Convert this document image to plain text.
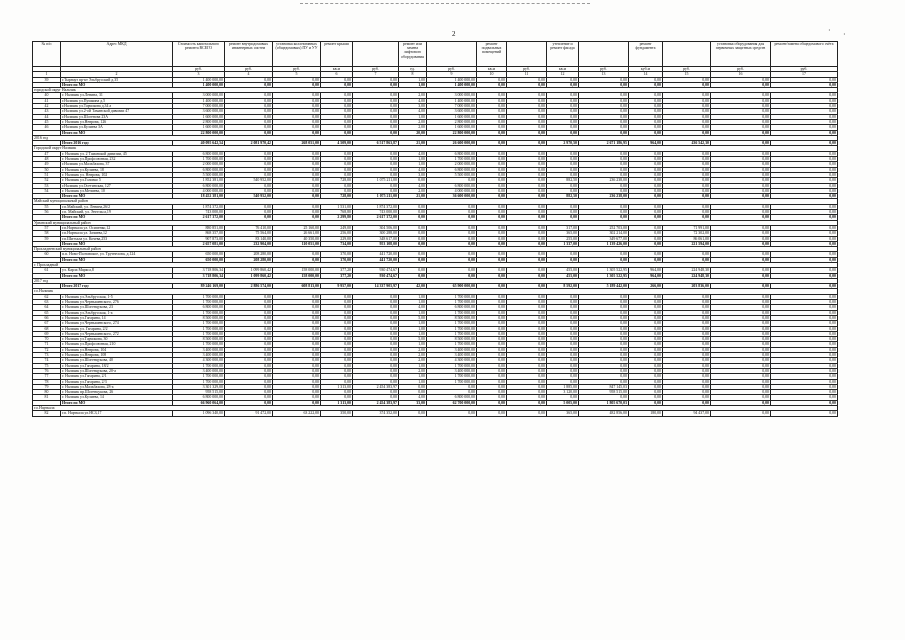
2	· ·
№ п/п	Адрес МКД	Стоимость капитального ремонта ВСЕГО	ремонт внутридомовых инженерных систем	установка коллективных (общедомовых) ПУ и УУ	ремонт крыши		ремонт или замена лифтового оборудования		ремонт подвальных помещений		утепление и ремонт фасада		ремонт фундамента		установка оборудования для первичных защитных средств	ремонт/замена общедомового счёта
		руб.	руб.	руб.	кв.м	руб.	ед.	руб.	кв.м	руб.	кв.м	руб.	куб.м	руб.	руб.	руб.
1	2	3	4	5	6	7	8	9	10	11	12	13	14	15	16	17
39	г.Тырнауз пр-кт Эльбрусский д.35	1 400 000,00	0,00	0,00	0,00	0,00	1,00	1 400 000,00	0,00	0,00	0,00	0,00	0,00	0,00	0,00	0,00
	Итого по МО	1 400 000,00	0,00	0,00	0,00	0,00	1,00	1 400 000,00	0,00	0,00	0,00	0,00	0,00	0,00	0,00	0,00
городской округ Нальчик																
40	г. Нальчик ул.Ленина, 31	3 000 000,00	0,00	0,00	0,00	0,00	2,00	3 000 000,00	0,00	0,00	0,00	0,00	0,00	0,00	0,00	0,00
41	г.Нальчик ул.Пушкина д.5	1 400 000,00	0,00	0,00	0,00	0,00	4,00	1 400 000,00	0,00	0,00	0,00	0,00	0,00	0,00	0,00	0,00
42	г.Нальчик ул.Тарчокова д.34 а	7 000 000,00	0,00	0,00	0,00	0,00	3,00	7 000 000,00	0,00	0,00	0,00	0,00	0,00	0,00	0,00	0,00
43	г.Нальчик ул.2-ой Таманской дивизии 47	3 600 000,00	0,00	0,00	0,00	0,00	4,00	3 600 000,00	0,00	0,00	0,00	0,00	0,00	0,00	0,00	0,00
44	г.Нальчик ул.Шогенова 23А	1 600 000,00	0,00	0,00	0,00	0,00	1,00	1 600 000,00	0,00	0,00	0,00	0,00	0,00	0,00	0,00	0,00
45	г. Нальчик ул.Неврова, 126	2 800 000,00	0,00	0,00	0,00	0,00	2,00	2 800 000,00	0,00	0,00	0,00	0,00	0,00	0,00	0,00	0,00
46	г.Нальчик ул.Кулиева 3А	1 600 000,00	0,00	0,00	0,00	0,00	2,00	1 600 000,00	0,00	0,00	0,00	0,00	0,00	0,00	0,00	0,00
	Итого по МО	22 800 000,00	0,00	0,00	0,00	0,00	20,00	22 800 000,00	0,00	0,00	0,00	0,00	0,00	0,00	0,00	0,00
2016 год																
	Итого 2016 год:	40 095 642,54	2 081 970,42	268 051,00	4 509,00	6 517 863,87	21,00	26 600 000,00	0,00	0,00	2 970,50	2 671 186,95	964,00	436 542,30	0,00	0,00
Городской округ Нальчик																
47	г. Нальчик ул. 2 Таманской дивизии, 45	6 800 000,00	0,00	0,00	0,00	0,00	4,00	6 800 000,00	0,00	0,00	0,00	0,00	0,00	0,00	0,00	0,00
48	г. Нальчик ул.Профсоюзная, 232	1 700 000,00	0,00	0,00	0,00	0,00	1,00	1 700 000,00	0,00	0,00	0,00	0,00	0,00	0,00	0,00	0,00
49	г.Нальчик ул.Мальбахова, 37	2 000 000,00	0,00	0,00	0,00	0,00	1,00	2 000 000,00	0,00	0,00	0,00	0,00	0,00	0,00	0,00	0,00
50	г. Нальчик ул.Кулиева, 18	6 800 000,00	0,00	0,00	0,00	0,00	4,00	6 800 000,00	0,00	0,00	0,00	0,00	0,00	0,00	0,00	0,00
51	г. Нальчик ул. Неврова, 102	5 500 000,00	0,00	0,00	0,00	0,00	3,00	5 500 000,00	0,00	0,00	0,00	0,00	0,00	0,00	0,00	0,00
52	г. Нальчик ул.Головко 5	1 852 381,00	540 952,00	0,00	728,00	1 075 211,00	0,00	0,00	0,00	0,00	882,50	236 238,00	0,00	0,00	0,00	0,00
53	г.Нальчик ул.Осетинская, 127	6 800 000,00	0,00	0,00	0,00	0,00	4,00	6 800 000,00	0,00	0,00	0,00	0,00	0,00	0,00	0,00	0,00
54	г. Нальчик ул.Мечиева, 10	4 000 000,00	0,00	0,00	0,00	0,00	2,00	4 000 000,00	0,00	0,00	0,00	0,00	0,00	0,00	0,00	0,00
	Итого по МО	18 452 381,00	540 952,00	0,00	728,00	1 075 211,00	21,00	36 600 000,00	0,00	0,00	882,50	236 238,00	0,00	0,00	0,00	0,00
Майский муниципальный район																
55	г.п.Майский, ул. Ленина,26/2	1 874 372,00	0,00	0,00	1 531,00	1 874 372,00	0,00	0,00	0,00	0,00	0,00	0,00	0,00	0,00	0,00	0,00
56	г.п. Майский, ул. Энгельса,19	743 000,00	0,00	0,00	768,80	743 000,00	0,00	0,00	0,00	0,00	0,00	0,00	0,00	0,00	0,00	0,00
	Итого по МО	2 617 372,00	0,00	0,00	2 299,80	2 617 372,00	0,00	0,00	0,00	0,00	0,00	0,00	0,00	0,00	0,00	0,00
Урванский муниципальный район																
57	г.п.Нарткала ул. Осипенко,12	880 851,00	76 410,00	25 160,00	249,00	304 506,00	0,00	0,00	0,00	0,00	317,00	252 703,00	0,00	71 991,00	0,00	0,00
58	г.п.Нарткала ул. Зачиева,12	868 357,00	75 564,00	26 661,00	256,00	300 288,00	0,00	0,00	0,00	0,00	365,00	302 214,00	0,00	72 302,00	0,00	0,00
59	г.п.Шитхала ул. Кочева,253	907 873,00	83 140,00	40 350,00	229,00	348 617,00	0,00	0,00	0,00	0,00	255,00	349 677,00	0,00	86 061,00	0,00	0,00
	Итого по МО	2 657 081,00	232 904,00	110 051,00	734,00	953 108,00	0,00	0,00	0,00	0,00	1 337,00	1 139 426,00	0,00	221 594,00	0,00	0,00
Прохладненский муниципальный район																
60	п.п. Ново-Полтавское, ул. Трутнелова, д.124	650 000,00	208 280,00	0,00	370,00	441 720,00	0,00	0,00	0,00	0,00	0,00	0,00	0,00	0,00	0,00	0,00
	Итого по МО	650 000,00	208 280,00	0,00	370,00	441 720,00	0,00	0,00	0,00	0,00	0,00	0,00	0,00	0,00	0,00	0,00
г. Прохладный																
61	ул. Карла Маркса,8	3 718 806,34	1 099 860,42	158 000,00	377,20	930 474,67	0,00	0,00	0,00	0,00	455,00	1 305 522,95	964,00	224 948,30	0,00	0,00
	Итого по МО	3 718 806,34	1 099 860,42	158 000,00	377,20	930 474,67	0,00	0,00	0,00	0,00	455,00	1 305 522,95	964,00	224 948,30	0,00	0,00
2017 год																
	Итого 2017 год:	89 246 169,00	2 886 574,00	608 813,00	9 957,00	14 337 905,97	42,00	65 900 000,00	0,00	0,00	8 592,00	5 189 442,00	266,00	203 836,00	0,00	0,00
г.о.Нальчик																
62	г. Нальчик ул.Эльбрусская, 1-5	1 700 000,00	0,00	0,00	0,00	0,00	1,00	1 700 000,00	0,00	0,00	0,00	0,00	0,00	0,00	0,00	0,00
63	г. Нальчик ул.Чернышевского, 276	1 700 000,00	0,00	0,00	0,00	0,00	1,00	1 700 000,00	0,00	0,00	0,00	0,00	0,00	0,00	0,00	0,00
64	г. Нальчик ул.Шогенцукова, 23	6 800 000,00	0,00	0,00	0,00	0,00	4,00	6 800 000,00	0,00	0,00	0,00	0,00	0,00	0,00	0,00	0,00
65	г. Нальчик ул.Эльбрусская, 1-а	1 700 000,00	0,00	0,00	0,00	0,00	1,00	1 700 000,00	0,00	0,00	0,00	0,00	0,00	0,00	0,00	0,00
66	г. Нальчик ул.Гагарина, 14	8 500 000,00	0,00	0,00	0,00	0,00	5,00	8 500 000,00	0,00	0,00	0,00	0,00	0,00	0,00	0,00	0,00
67	г. Нальчик ул.Чернышевского, 274	1 700 000,00	0,00	0,00	0,00	0,00	1,00	1 700 000,00	0,00	0,00	0,00	0,00	0,00	0,00	0,00	0,00
68	г. Нальчик ул. Гагарина, 2/2	1 700 000,00	0,00	0,00	0,00	0,00	1,00	1 700 000,00	0,00	0,00	0,00	0,00	0,00	0,00	0,00	0,00
69	г. Нальчик ул.Чернышевского, 272	1 700 000,00	0,00	0,00	0,00	0,00	1,00	1 700 000,00	0,00	0,00	0,00	0,00	0,00	0,00	0,00	0,00
70	г. Нальчик ул.Тарчокова, 30	8 500 000,00	0,00	0,00	0,00	0,00	5,00	8 500 000,00	0,00	0,00	0,00	0,00	0,00	0,00	0,00	0,00
71	г. Нальчик ул.Профсоюзная, 210	1 700 000,00	0,00	0,00	0,00	0,00	1,00	1 700 000,00	0,00	0,00	0,00	0,00	0,00	0,00	0,00	0,00
72	г. Нальчик ул.Неврова, 104	3 400 000,00	0,00	0,00	0,00	0,00	2,00	3 400 000,00	0,00	0,00	0,00	0,00	0,00	0,00	0,00	0,00
73	г. Нальчик ул.Неврова, 108	3 400 000,00	0,00	0,00	0,00	0,00	2,00	3 400 000,00	0,00	0,00	0,00	0,00	0,00	0,00	0,00	0,00
74	г. Нальчик ул.Шогенцукова, 40	4 300 000,00	0,00	0,00	0,00	0,00	2,00	4 300 000,00	0,00	0,00	0,00	0,00	0,00	0,00	0,00	0,00
75	г. Нальчик ул.Гагарина, 18/2	1 700 000,00	0,00	0,00	0,00	0,00	1,00	1 700 000,00	0,00	0,00	0,00	0,00	0,00	0,00	0,00	0,00
76	г. Нальчик ул.Шогенцукова, 20-а	3 400 000,00	0,00	0,00	0,00	0,00	2,00	3 400 000,00	0,00	0,00	0,00	0,00	0,00	0,00	0,00	0,00
77	г. Нальчик ул.Гагарина, 2/1	1 700 000,00	0,00	0,00	0,00	0,00	1,00	1 700 000,00	0,00	0,00	0,00	0,00	0,00	0,00	0,00	0,00
78	г. Нальчик ул.Гагарина, 2/3	1 700 000,00	0,00	0,00	0,00	0,00	1,00	1 700 000,00	0,00	0,00	0,00	0,00	0,00	0,00	0,00	0,00
79	г. Нальчик ул.Мальбахова, 28-а	3 301 329,00	0,00	0,00	1 313,00	2 454 383,97	0,00	0,00	0,00	0,00	1 885,00	847 145,03	0,00	0,00	0,00	0,00
80	г. Нальчик пр.Шогенцукова, 26	958 515,00	0,00	0,00	0,00	0,00	0,00	0,00	0,00	0,00	3 120,00	958 515,00	0,00	0,00	0,00	0,00
81	г. Нальчик ул.Кулиева, 14	6 800 000,00	0,00	0,00	0,00	0,00	4,00	6 800 000,00	0,00	0,00	0,00	0,00	0,00	0,00	0,00	0,00
	Итого по МО	66 960 064,00	0,00	0,00	1 313,00	2 454 383,97	33,00	62 700 000,00	0,00	0,00	5 005,00	1 805 670,03	0,00	0,00	0,00	0,00
г.о.Нарткала																
82	г.п. Нарткала ул.НСЗ,17	1 096 340,00	91 472,00	63 222,00	350,00	374 352,00	0,00	0,00	0,00	0,00	365,00	482 856,00	180,00	94 437,00	0,00	0,00
